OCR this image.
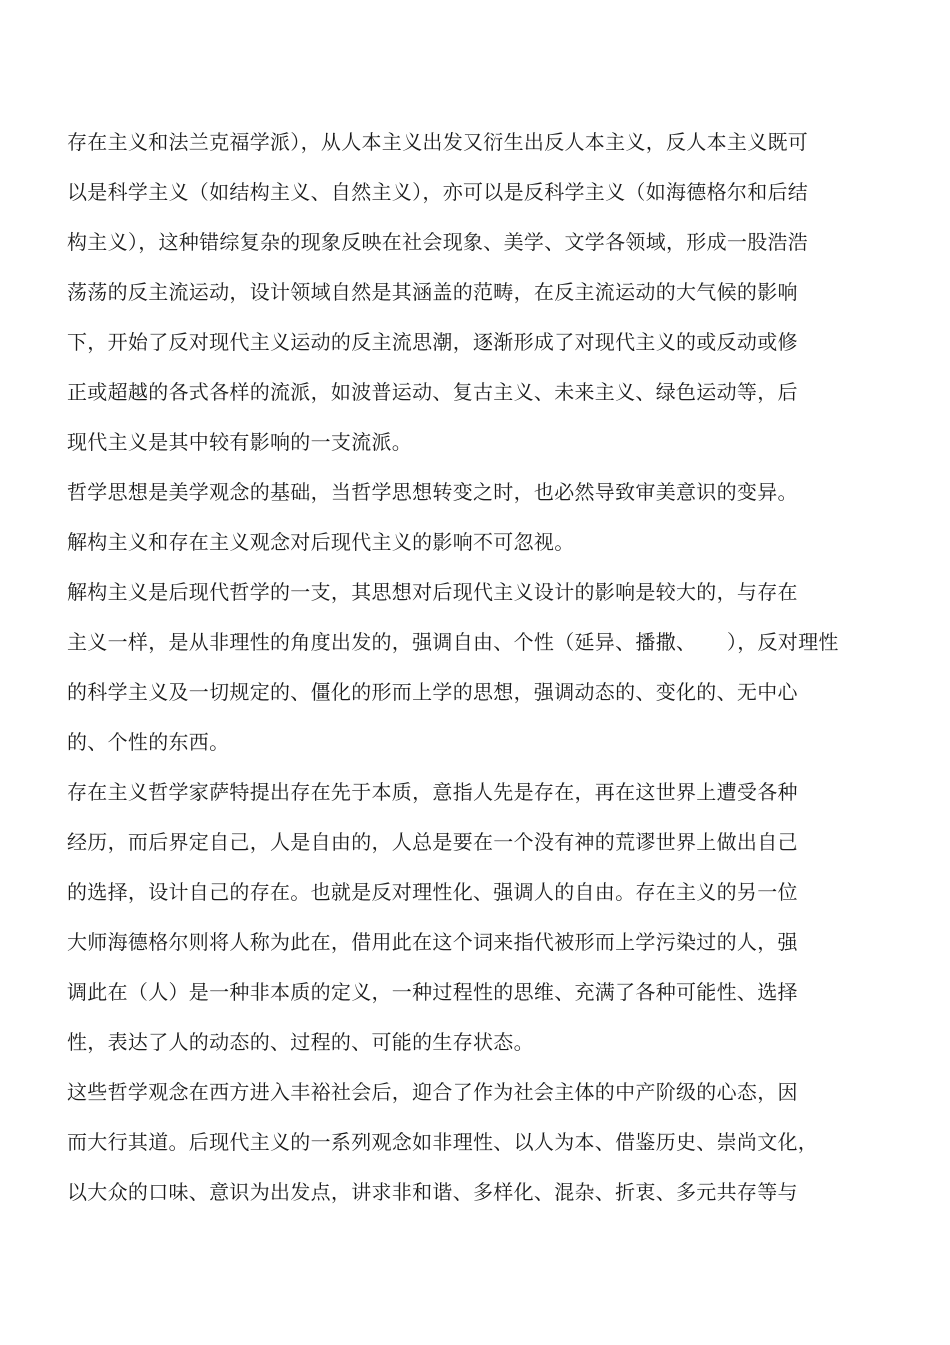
存在主义和法兰克福学派），从人本主义出发又衍生出反人本主义，反人本主义既可
以是科学主义（如结构主义、自然主义），亦可以是反科学主义（如海德格尔和后结
构主义），这种错综复杂的现象反映在社会现象、美学、文学各领域，形成一股浩浩
荡荡的反主流运动，设计领域自然是其涵盖的范畴，在反主流运动的大气候的影响
下，开始了反对现代主义运动的反主流思潮，逐渐形成了对现代主义的或反动或修
正或超越的各式各样的流派，如波普运动、复古主义、未来主义、绿色运动等，后
现代主义是其中较有影响的一支流派。
哲学思想是美学观念的基础，当哲学思想转变之时，也必然导致审美意识的变异。
解构主义和存在主义观念对后现代主义的影响不可忽视。
解构主义是后现代哲学的一支，其思想对后现代主义设计的影响是较大的，与存在
主义一样，是从非理性的角度出发的，强调自由、个性（延异、播撒、　　），反对理性
的科学主义及一切规定的、僵化的形而上学的思想，强调动态的、变化的、无中心
的、个性的东西。
存在主义哲学家萨特提出存在先于本质，意指人先是存在，再在这世界上遭受各种
经历，而后界定自己，人是自由的，人总是要在一个没有神的荒谬世界上做出自己
的选择，设计自己的存在。也就是反对理性化、强调人的自由。存在主义的另一位
大师海德格尔则将人称为此在，借用此在这个词来指代被形而上学污染过的人，强
调此在（人）是一种非本质的定义，一种过程性的思维、充满了各种可能性、选择
性，表达了人的动态的、过程的、可能的生存状态。
这些哲学观念在西方进入丰裕社会后，迎合了作为社会主体的中产阶级的心态，因
而大行其道。后现代主义的一系列观念如非理性、以人为本、借鉴历史、崇尚文化，
以大众的口味、意识为出发点，讲求非和谐、多样化、混杂、折衷、多元共存等与
